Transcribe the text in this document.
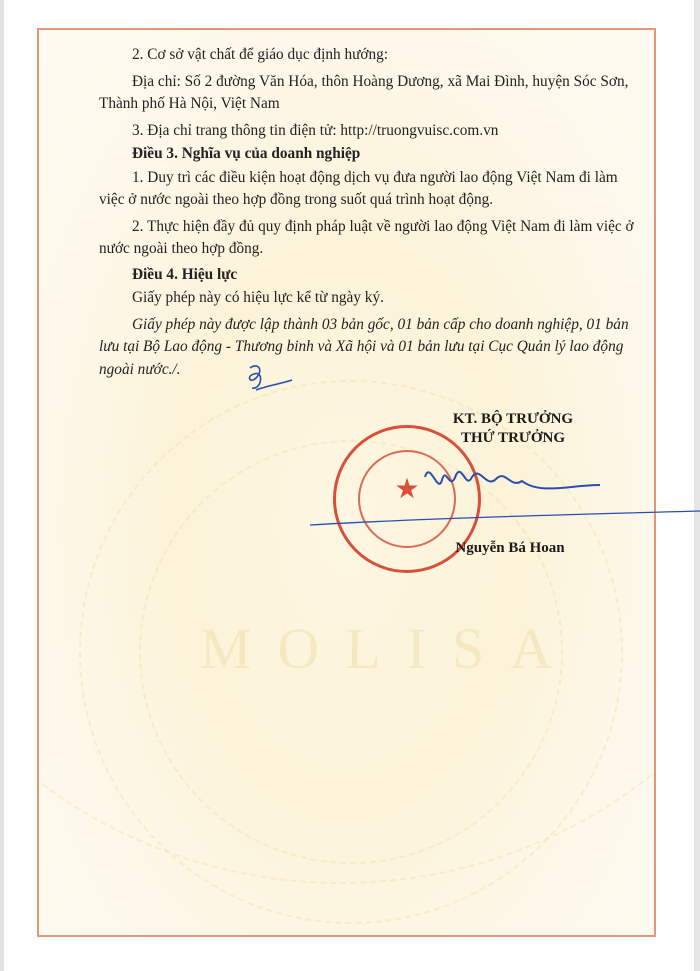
MOLISA

2. Cơ sở vật chất để giáo dục định hướng:

Địa chỉ: Số 2 đường Văn Hóa, thôn Hoàng Dương, xã Mai Đình, huyện Sóc Sơn, Thành phố Hà Nội, Việt Nam

3. Địa chỉ trang thông tin điện tử: http://truongvuisc.com.vn

Điều 3. Nghĩa vụ của doanh nghiệp

1. Duy trì các điều kiện hoạt động dịch vụ đưa người lao động Việt Nam đi làm việc ở nước ngoài theo hợp đồng trong suốt quá trình hoạt động.

2. Thực hiện đầy đủ quy định pháp luật về người lao động Việt Nam đi làm việc ở nước ngoài theo hợp đồng.

Điều 4. Hiệu lực

Giấy phép này có hiệu lực kể từ ngày ký.

Giấy phép này được lập thành 03 bản gốc, 01 bản cấp cho doanh nghiệp, 01 bản lưu tại Bộ Lao động - Thương binh và Xã hội và 01 bản lưu tại Cục Quản lý lao động ngoài nước./.

KT. BỘ TRƯỞNG
THỨ TRƯỞNG
★
Nguyễn Bá Hoan
